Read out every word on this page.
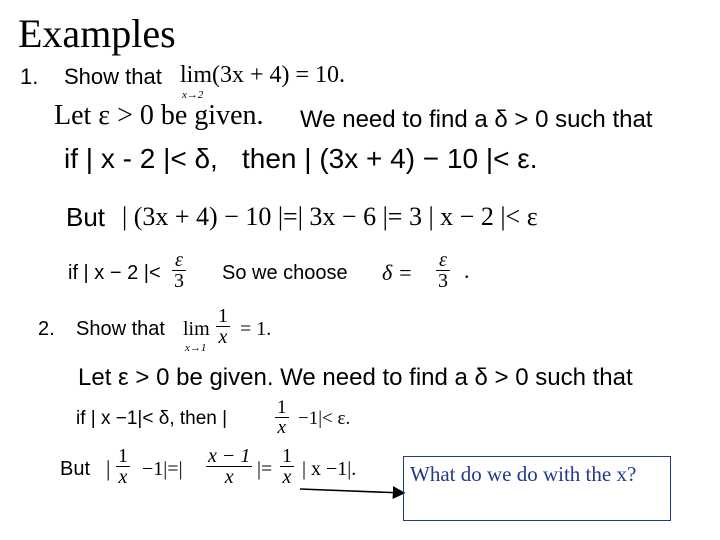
Examples
1. Show that lim(3x + 4) = 10.
x→2
Let ε > 0 be given. We need to find a δ > 0 such that
if | x - 2 |< δ, then | (3x + 4) − 10 |< ε.
But | (3x + 4) − 10 |=| 3x − 6 |= 3 | x − 2 |< ε
if | x − 2 |< $\frac{\varepsilon}{3}$ So we choose $\delta = \frac{\varepsilon}{3}$ .
2. Show that lim
x→1
$\frac{1}{x} = 1$.
Let ε > 0 be given. We need to find a δ > 0 such that
if | x −1|< δ, then |	$\frac{1}{x} -1|< \varepsilon$.
But | $\frac{1}{x} -1|=| \frac{x - 1}{x}$ |= $\frac{1}{x}$ | x −1|.	What do we do with the x?
